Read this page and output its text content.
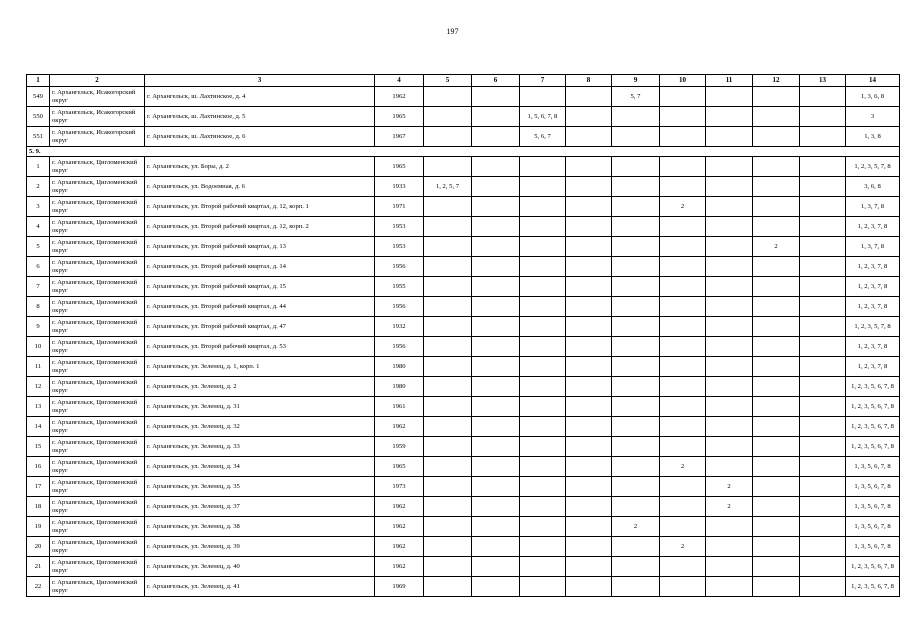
197
1	2	3	4	5	6	7	8	9	10	11	12	13	14
549	г. Архангельск, Исакогорский округ	г. Архангельск, ш. Лахтинское, д. 4	1962					5, 7					1, 3, 6, 8
550	г. Архангельск, Исакогорский округ	г. Архангельск, ш. Лахтинское, д. 5	1965			1, 5, 6, 7, 8							3
551	г. Архангельск, Исакогорский округ	г. Архангельск, ш. Лахтинское, д. 6	1967			5, 6, 7							1, 3, 8
5. 9.													
1	г. Архангельск, Цигломенский округ	г. Архангельск, ул. Боры, д. 2	1965										1, 2, 3, 5, 7, 8
2	г. Архангельск, Цигломенский округ	г. Архангельск, ул. Водоемная, д. 6	1933	1, 2, 5, 7									3, 6, 8
3	г. Архангельск, Цигломенский округ	г. Архангельск, ул. Второй рабочий квартал, д. 12, корп. 1	1971						2				1, 3, 7, 8
4	г. Архангельск, Цигломенский округ	г. Архангельск, ул. Второй рабочий квартал, д. 12, корп. 2	1953										1, 2, 3, 7, 8
5	г. Архангельск, Цигломенский округ	г. Архангельск, ул. Второй рабочий квартал, д. 13	1953								2		1, 3, 7, 8
6	г. Архангельск, Цигломенский округ	г. Архангельск, ул. Второй рабочий квартал, д. 14	1956										1, 2, 3, 7, 8
7	г. Архангельск, Цигломенский округ	г. Архангельск, ул. Второй рабочий квартал, д. 15	1955										1, 2, 3, 7, 8
8	г. Архангельск, Цигломенский округ	г. Архангельск, ул. Второй рабочий квартал, д. 44	1956										1, 2, 3, 7, 8
9	г. Архангельск, Цигломенский округ	г. Архангельск, ул. Второй рабочий квартал, д. 47	1932										1, 2, 3, 5, 7, 8
10	г. Архангельск, Цигломенский округ	г. Архангельск, ул. Второй рабочий квартал, д. 53	1956										1, 2, 3, 7, 8
11	г. Архангельск, Цигломенский округ	г. Архангельск, ул. Зеленец, д. 1, корп. 1	1980										1, 2, 3, 7, 8
12	г. Архангельск, Цигломенский округ	г. Архангельск, ул. Зеленец, д. 2	1980										1, 2, 3, 5, 6, 7, 8
13	г. Архангельск, Цигломенский округ	г. Архангельск, ул. Зеленец, д. 31	1961										1, 2, 3, 5, 6, 7, 8
14	г. Архангельск, Цигломенский округ	г. Архангельск, ул. Зеленец, д. 32	1962										1, 2, 3, 5, 6, 7, 8
15	г. Архангельск, Цигломенский округ	г. Архангельск, ул. Зеленец, д. 33	1959										1, 2, 3, 5, 6, 7, 8
16	г. Архангельск, Цигломенский округ	г. Архангельск, ул. Зеленец, д. 34	1965						2				1, 3, 5, 6, 7, 8
17	г. Архангельск, Цигломенский округ	г. Архангельск, ул. Зеленец, д. 35	1973							2			1, 3, 5, 6, 7, 8
18	г. Архангельск, Цигломенский округ	г. Архангельск, ул. Зеленец, д. 37	1962							2			1, 3, 5, 6, 7, 8
19	г. Архангельск, Цигломенский округ	г. Архангельск, ул. Зеленец, д. 38	1962					2					1, 3, 5, 6, 7, 8
20	г. Архангельск, Цигломенский округ	г. Архангельск, ул. Зеленец, д. 39	1962						2				1, 3, 5, 6, 7, 8
21	г. Архангельск, Цигломенский округ	г. Архангельск, ул. Зеленец, д. 40	1962										1, 2, 3, 5, 6, 7, 8
22	г. Архангельск, Цигломенский округ	г. Архангельск, ул. Зеленец, д. 41	1969										1, 2, 3, 5, 6, 7, 8
